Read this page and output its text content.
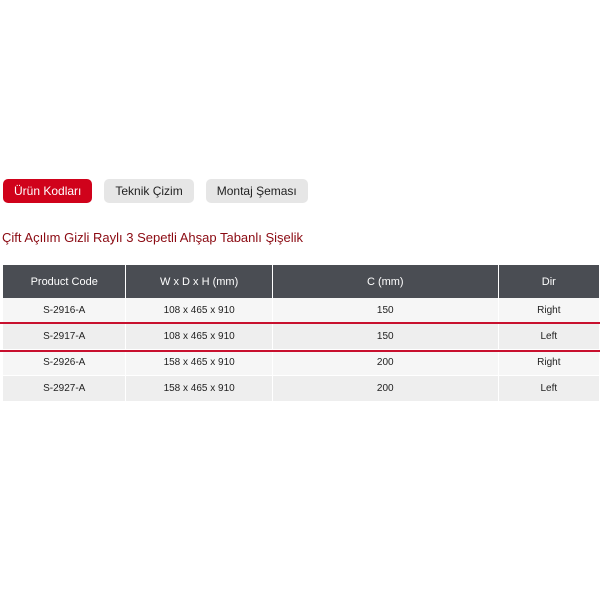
Ürün Kodları	Teknik Çizim	Montaj Şeması
Çift Açılım Gizli Raylı 3 Sepetli Ahşap Tabanlı Şişelik
Product Code	W x D x H (mm)	C (mm)	Dir
S-2916-A	108 x 465 x 910	150	Right
S-2917-A	108 x 465 x 910	150	Left
S-2926-A	158 x 465 x 910	200	Right
S-2927-A	158 x 465 x 910	200	Left
